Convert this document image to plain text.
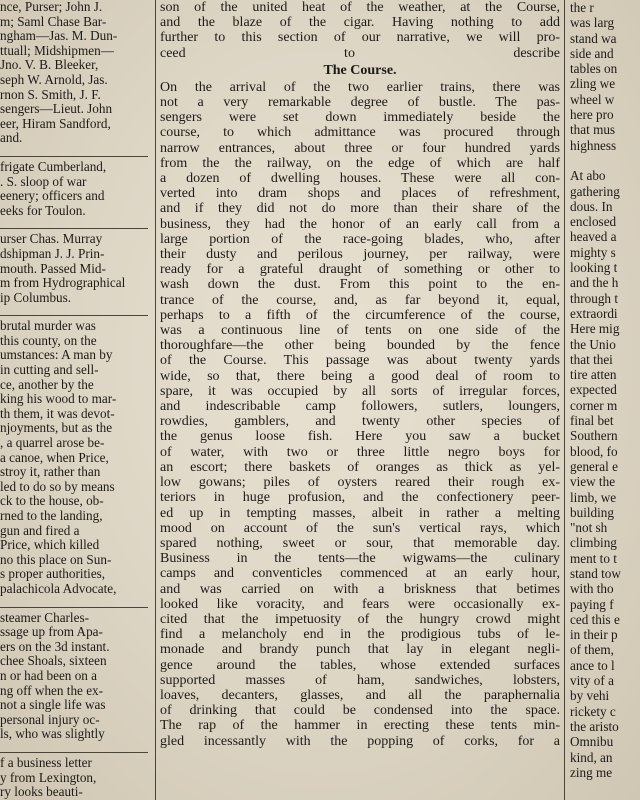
nce, Purser; John J.
m; Saml Chase Bar-
ngham—Jas. M. Dun-
ttuall; Midshipmen—
Jno. V. B. Bleeker,
seph W. Arnold, Jas.
rnon S. Smith, J. F.
sengers—Lieut. John
eer, Hiram Sandford,
and.
frigate Cumberland,
. S. sloop of war
eenery; officers and
eeks for Toulon.
urser Chas. Murray
dshipman J. J. Prin-
mouth. Passed Mid-
m from Hydrographical
ip Columbus.
brutal murder was
this county, on the
umstances: A man by
in cutting and sell-
ce, another by the
king his wood to mar-
th them, it was devot-
njoyments, but as the
, a quarrel arose be-
a canoe, when Price,
stroy it, rather than
led to do so by means
ck to the house, ob-
rned to the landing,
gun and fired a
Price, which killed
no this place on Sun-
s proper authorities,
palachicola Advocate,
steamer Charles-
ssage up from Apa-
ers on the 3d instant.
chee Shoals, sixteen
n or had been on a
ng off when the ex-
not a single life was
personal injury oc-
ls, who was slightly
f a business letter
y from Lexington,
ry looks beauti-
son of the united heat of the weather, at the Course,
and the blaze of the cigar. Having nothing to add
further to this section of our narrative, we will pro-
ceed to describe
The Course.
On the arrival of the two earlier trains, there was
not a very remarkable degree of bustle. The pas-
sengers were set down immediately beside the
course, to which admittance was procured through
narrow entrances, about three or four hundred yards
from the the railway, on the edge of which are half
a dozen of dwelling houses. These were all con-
verted into dram shops and places of refreshment,
and if they did not do more than their share of the
business, they had the honor of an early call from a
large portion of the race-going blades, who, after
their dusty and perilous journey, per railway, were
ready for a grateful draught of something or other to
wash down the dust. From this point to the en-
trance of the course, and, as far beyond it, equal,
perhaps to a fifth of the circumference of the course,
was a continuous line of tents on one side of the
thoroughfare—the other being bounded by the fence
of the Course. This passage was about twenty yards
wide, so that, there being a good deal of room to
spare, it was occupied by all sorts of irregular forces,
and indescribable camp followers, sutlers, loungers,
rowdies, gamblers, and twenty other species of
the genus loose fish. Here you saw a bucket
of water, with two or three little negro boys for
an escort; there baskets of oranges as thick as yel-
low gowans; piles of oysters reared their rough ex-
teriors in huge profusion, and the confectionery peer-
ed up in tempting masses, albeit in rather a melting
mood on account of the sun's vertical rays, which
spared nothing, sweet or sour, that memorable day.
Business in the tents—the wigwams—the culinary
camps and conventicles commenced at an early hour,
and was carried on with a briskness that betimes
looked like voracity, and fears were occasionally ex-
cited that the impetuosity of the hungry crowd might
find a melancholy end in the prodigious tubs of le-
monade and brandy punch that lay in elegant negli-
gence around the tables, whose extended surfaces
supported masses of ham, sandwiches, lobsters,
loaves, decanters, glasses, and all the paraphernalia
of drinking that could be condensed into the space.
The rap of the hammer in erecting these tents min-
gled incessantly with the popping of corks, for a
the r
was larg
stand wa
side and
tables on
zling we
wheel w
here pro
that mus
highness

At abo
gathering
dous. In
enclosed
heaved a
mighty s
looking t
and the h
through t
extraordi
Here mig
the Unio
that thei
tire atten
expected
corner m
final bet
Southern
blood, fo
general e
view the
limb, we
building
"not sh
climbing
ment to t
stand tow
with tho
paying f
ced this e
in their p
of them,
ance to l
vity of a
by vehi
rickety c
the aristo
Omnibu
kind, an
zing me
